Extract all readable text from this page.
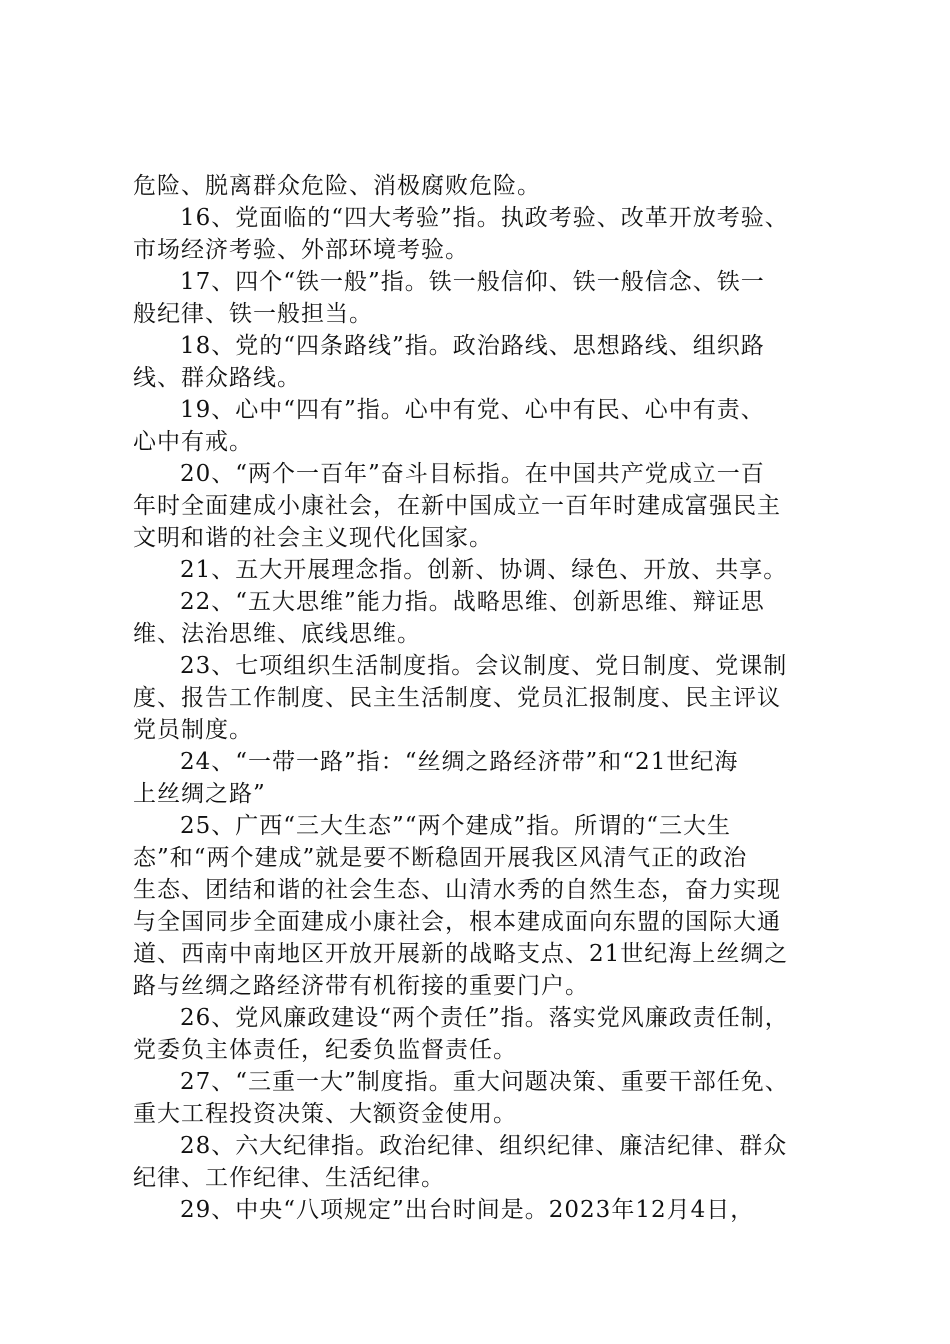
危险、脱离群众危险、消极腐败危险。
16、党面临的“四大考验”指。执政考验、改革开放考验、
市场经济考验、外部环境考验。
17、四个“铁一般”指。铁一般信仰、铁一般信念、铁一
般纪律、铁一般担当。
18、党的“四条路线”指。政治路线、思想路线、组织路
线、群众路线。
19、心中“四有”指。心中有党、心中有民、心中有责、
心中有戒。
20、“两个一百年”奋斗目标指。在中国共产党成立一百
年时全面建成小康社会，在新中国成立一百年时建成富强民主
文明和谐的社会主义现代化国家。
21、五大开展理念指。创新、协调、绿色、开放、共享。
22、“五大思维”能力指。战略思维、创新思维、辩证思
维、法治思维、底线思维。
23、七项组织生活制度指。会议制度、党日制度、党课制
度、报告工作制度、民主生活制度、党员汇报制度、民主评议
党员制度。
24、“一带一路”指：“丝绸之路经济带”和“21世纪海
上丝绸之路”
25、广西“三大生态”“两个建成”指。所谓的“三大生
态”和“两个建成”就是要不断稳固开展我区风清气正的政治
生态、团结和谐的社会生态、山清水秀的自然生态，奋力实现
与全国同步全面建成小康社会，根本建成面向东盟的国际大通
道、西南中南地区开放开展新的战略支点、21世纪海上丝绸之
路与丝绸之路经济带有机衔接的重要门户。
26、党风廉政建设“两个责任”指。落实党风廉政责任制，
党委负主体责任，纪委负监督责任。
27、“三重一大”制度指。重大问题决策、重要干部任免、
重大工程投资决策、大额资金使用。
28、六大纪律指。政治纪律、组织纪律、廉洁纪律、群众
纪律、工作纪律、生活纪律。
29、中央“八项规定”出台时间是。2023年12月4日，
